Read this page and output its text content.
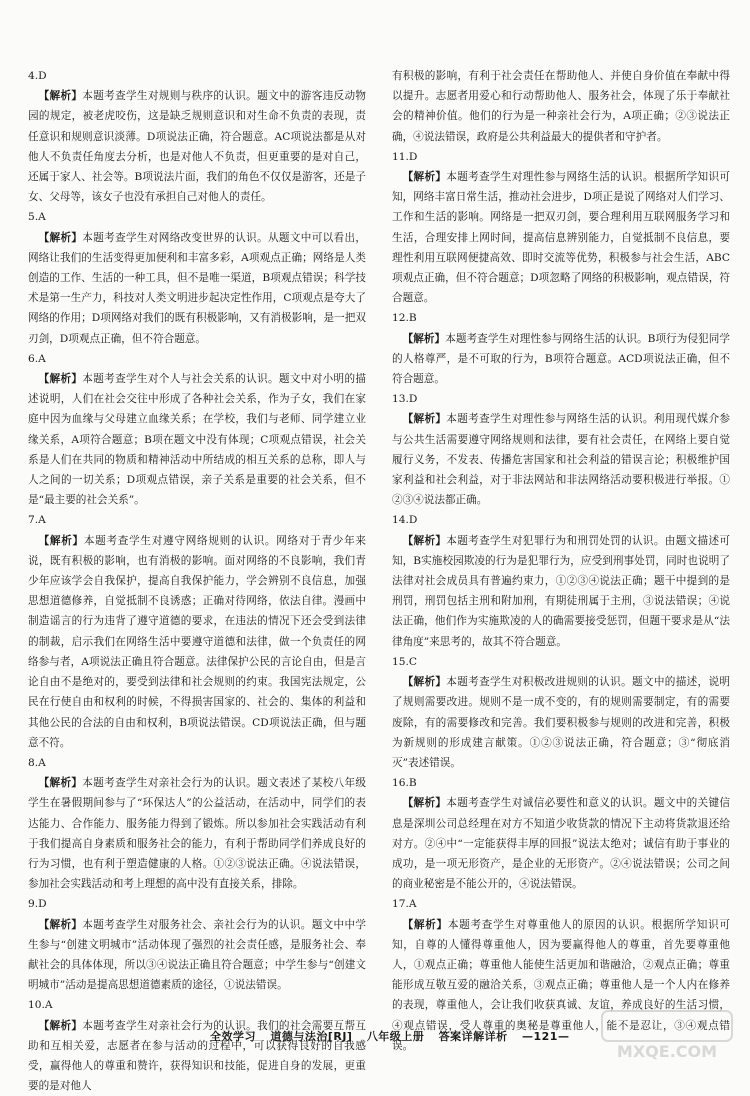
4.D
【解析】本题考查学生对规则与秩序的认识。题文中的游客违反动物园的规定，被老虎咬伤，这是缺乏规则意识和对生命不负责的表现，责任意识和规则意识淡薄。D项说法正确，符合题意。AC项说法都是从对他人不负责任角度去分析，也是对他人不负责，但更重要的是对自己，还属于家人、社会等。B项说法片面，我们的角色不仅仅是游客，还是子女、父母等，该女子也没有承担自己对他人的责任。
5.A
【解析】本题考查学生对网络改变世界的认识。从题文中可以看出，网络让我们的生活变得更加便利和丰富多彩，A项观点正确；网络是人类创造的工作、生活的一种工具，但不是唯一渠道，B项观点错误；科学技术是第一生产力，科技对人类文明进步起决定性作用，C项观点是夸大了网络的作用；D项网络对我们的既有积极影响，又有消极影响，是一把双刃剑，D项观点正确，但不符合题意。
6.A
【解析】本题考查学生对个人与社会关系的认识。题文中对小明的描述说明，人们在社会交往中形成了各种社会关系，作为子女，我们在家庭中因为血缘与父母建立血缘关系；在学校，我们与老师、同学建立业缘关系，A项符合题意；B项在题文中没有体现；C项观点错误，社会关系是人们在共同的物质和精神活动中所结成的相互关系的总称，即人与人之间的一切关系；D项观点错误，亲子关系是重要的社会关系，但不是“最主要的社会关系”。
7.A
【解析】本题考查学生对遵守网络规则的认识。网络对于青少年来说，既有积极的影响，也有消极的影响。面对网络的不良影响，我们青少年应该学会自我保护，提高自我保护能力，学会辨别不良信息，加强思想道德修养，自觉抵制不良诱惑；正确对待网络，依法自律。漫画中制造谣言的行为违背了遵守道德的要求，在违法的情况下还会受到法律的制裁，启示我们在网络生活中要遵守道德和法律，做一个负责任的网络参与者，A项说法正确且符合题意。法律保护公民的言论自由，但是言论自由不是绝对的，要受到法律和社会规则的约束。我国宪法规定，公民在行使自由和权利的时候，不得损害国家的、社会的、集体的利益和其他公民的合法的自由和权利，B项说法错误。CD项说法正确，但与题意不符。
8.A
【解析】本题考查学生对亲社会行为的认识。题文表述了某校八年级学生在暑假期间参与了“环保达人”的公益活动，在活动中，同学们的表达能力、合作能力、服务能力得到了锻炼。所以参加社会实践活动有利于我们提高自身素质和服务社会的能力，有利于帮助同学们养成良好的行为习惯，也有利于塑造健康的人格。①②③说法正确。④说法错误，参加社会实践活动和考上理想的高中没有直接关系，排除。
9.D
【解析】本题考查学生对服务社会、亲社会行为的认识。题文中中学生参与“创建文明城市”活动体现了强烈的社会责任感，是服务社会、奉献社会的具体体现，所以③④说法正确且符合题意；中学生参与“创建文明城市”活动是提高思想道德素质的途径，①说法错误。
10.A
【解析】本题考查学生对亲社会行为的认识。我们的社会需要互帮互助和互相关爱，志愿者在参与活动的过程中，可以获得良好的自我感受，赢得他人的尊重和赞许，获得知识和技能，促进自身的发展，更重要的是对他人
有积极的影响，有利于社会责任在帮助他人、并使自身价值在奉献中得以提升。志愿者用爱心和行动帮助他人、服务社会，体现了乐于奉献社会的精神价值。他们的行为是一种亲社会行为，A项正确；②③说法正确，④说法错误，政府是公共利益最大的提供者和守护者。
11.D
【解析】本题考查学生对理性参与网络生活的认识。根据所学知识可知，网络丰富日常生活，推动社会进步，D项正是说了网络对人们学习、工作和生活的影响。网络是一把双刃剑，要合理利用互联网服务学习和生活，合理安排上网时间，提高信息辨别能力，自觉抵制不良信息，要理性利用互联网便捷高效、即时交流等优势，积极参与社会生活，ABC项观点正确，但不符合题意；D项忽略了网络的积极影响，观点错误，符合题意。
12.B
【解析】本题考查学生对理性参与网络生活的认识。B项行为侵犯同学的人格尊严，是不可取的行为，B项符合题意。ACD项说法正确，但不符合题意。
13.D
【解析】本题考查学生对理性参与网络生活的认识。利用现代媒介参与公共生活需要遵守网络规则和法律，要有社会责任，在网络上要自觉履行义务，不发表、传播危害国家和社会利益的错误言论；积极维护国家利益和社会利益，对于非法网站和非法网络活动要积极进行举报。①②③④说法都正确。
14.D
【解析】本题考查学生对犯罪行为和刑罚处罚的认识。由题文描述可知，B实施校园欺凌的行为是犯罪行为，应受到刑事处罚，同时也说明了法律对社会成员具有普遍约束力，①②③④说法正确；题干中提到的是刑罚，刑罚包括主刑和附加刑，有期徒刑属于主刑，③说法错误；④说法正确，他们作为实施欺凌的人的确需要接受惩罚，但题干要求是从“法律角度”来思考的，故其不符合题意。
15.C
【解析】本题考查学生对积极改进规则的认识。题文中的描述，说明了规则需要改进。规则不是一成不变的，有的规则需要制定，有的需要废除，有的需要修改和完善。我们要积极参与规则的改进和完善，积极为新规则的形成建言献策。①②③说法正确，符合题意；③“彻底消灭”表述错误。
16.B
【解析】本题考查学生对诚信必要性和意义的认识。题文中的关键信息是深圳公司总经理在对方不知道少收货款的情况下主动将货款退还给对方。②④中“一定能获得丰厚的回报”说法太绝对；诚信有助于事业的成功，是一项无形资产，是企业的无形资产。②④说法错误；公司之间的商业秘密是不能公开的，④说法错误。
17.A
【解析】本题考查学生对尊重他人的原因的认识。根据所学知识可知，自尊的人懂得尊重他人，因为要赢得他人的尊重，首先要尊重他人，①观点正确；尊重他人能使生活更加和谐融洽，②观点正确；尊重能形成互敬互爱的融洽关系，③观点正确；尊重他人是一个人内在修养的表现，尊重他人，会让我们收获真诚、友谊，养成良好的生活习惯，④观点错误，受人尊重的奥秘是尊重他人，能不是忍让，③④观点错误。
全效学习 道德与法治[RJ] 八年级上册 答案详解详析 —121—
MXQE.COM
